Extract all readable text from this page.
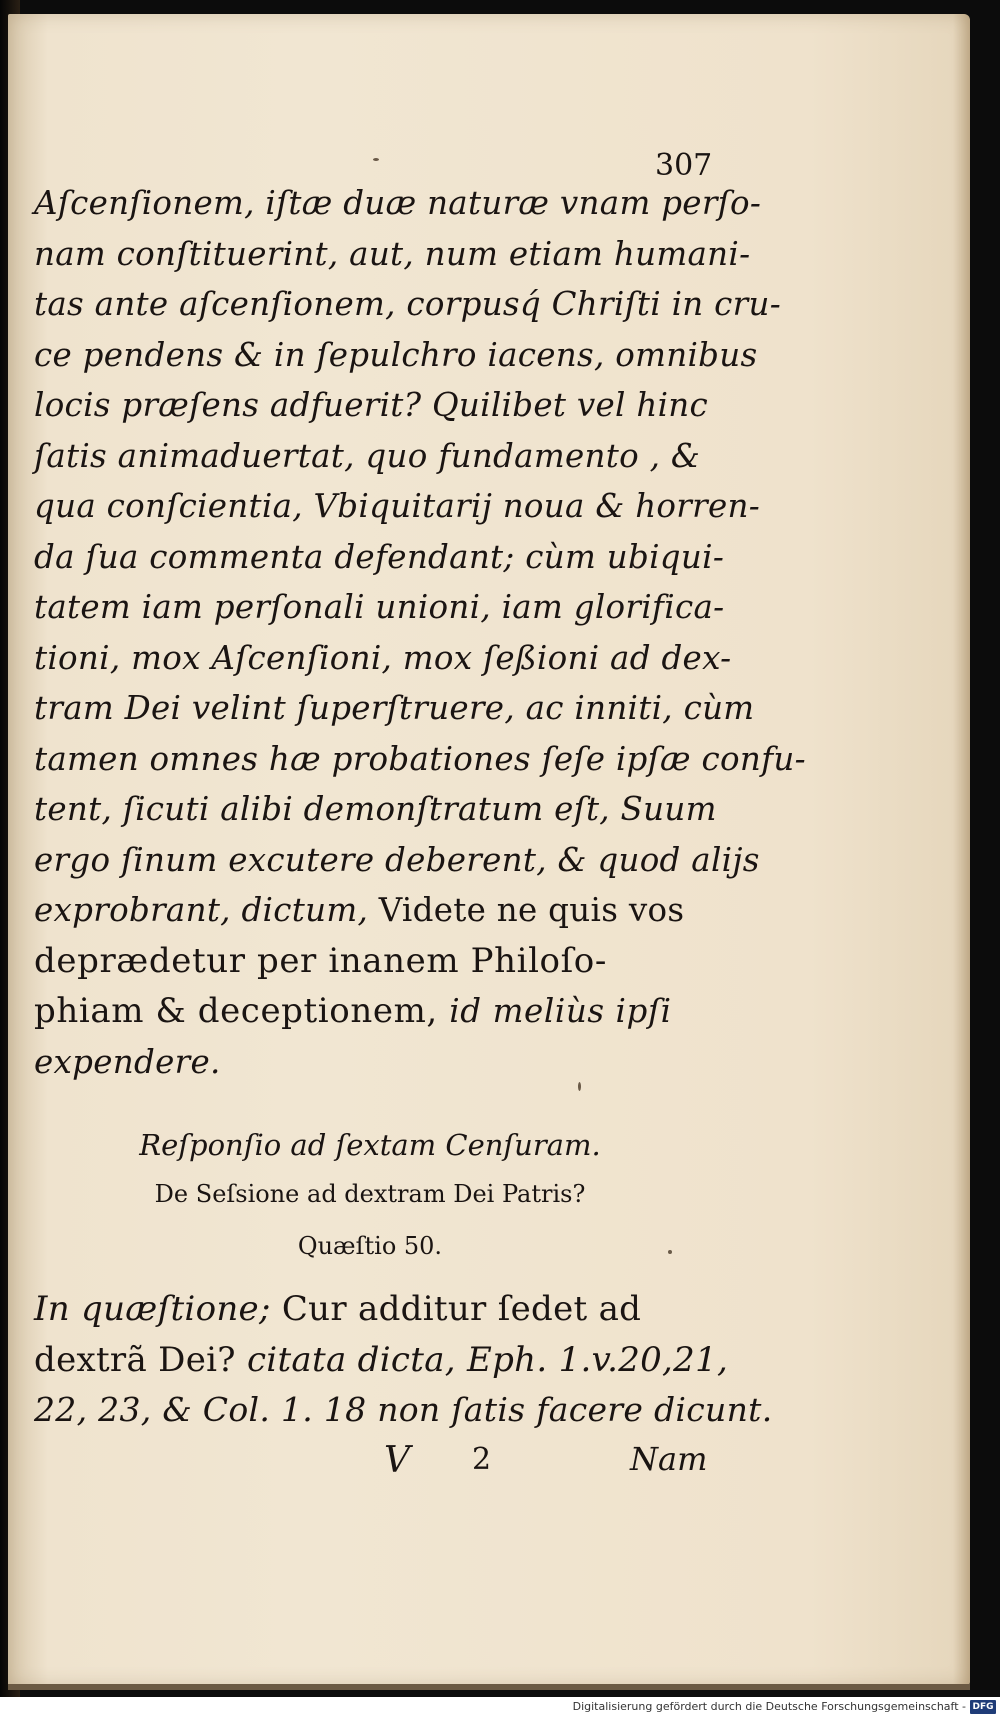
307
Aſcenſionem, iſtæ duæ naturæ vnam perſo-
nam conſtituerint, aut, num etiam humani-
tas ante aſcenſionem, corpusq́ Chriſti in cru-
ce pendens & in ſepulchro iacens, omnibus
locis præſens adfuerit? Quilibet vel hinc
ſatis animaduertat, quo fundamento , &
qua conſcientia, Vbiquitarij noua & horren-
da ſua commenta defendant; cùm ubiqui-
tatem iam perſonali unioni, iam glorifica-
tioni, mox Aſcenſioni, mox ſeßioni ad dex-
tram Dei velint ſuperſtruere, ac inniti, cùm
tamen omnes hæ probationes ſeſe ipſæ confu-
tent, ſicuti alibi demonſtratum eſt, Suum
ergo ſinum excutere deberent, & quod alijs
exprobrant, dictum, Videte ne quis vos
deprædetur per inanem Philoſo-
phiam & deceptionem, id meliùs ipſi
expendere.
Reſponſio ad ſextam Cenſuram.
De Seſsione ad dextram Dei Patris?
Quæſtio 50.
In quæſtione; Cur additur ſedet ad
dextrã Dei? citata dicta, Eph. 1.v.20,21,
22, 23, & Col. 1. 18 non ſatis facere dicunt.
V 2	Nam
Digitalisierung gefördert durch die Deutsche Forschungsgemeinschaft - DFG
